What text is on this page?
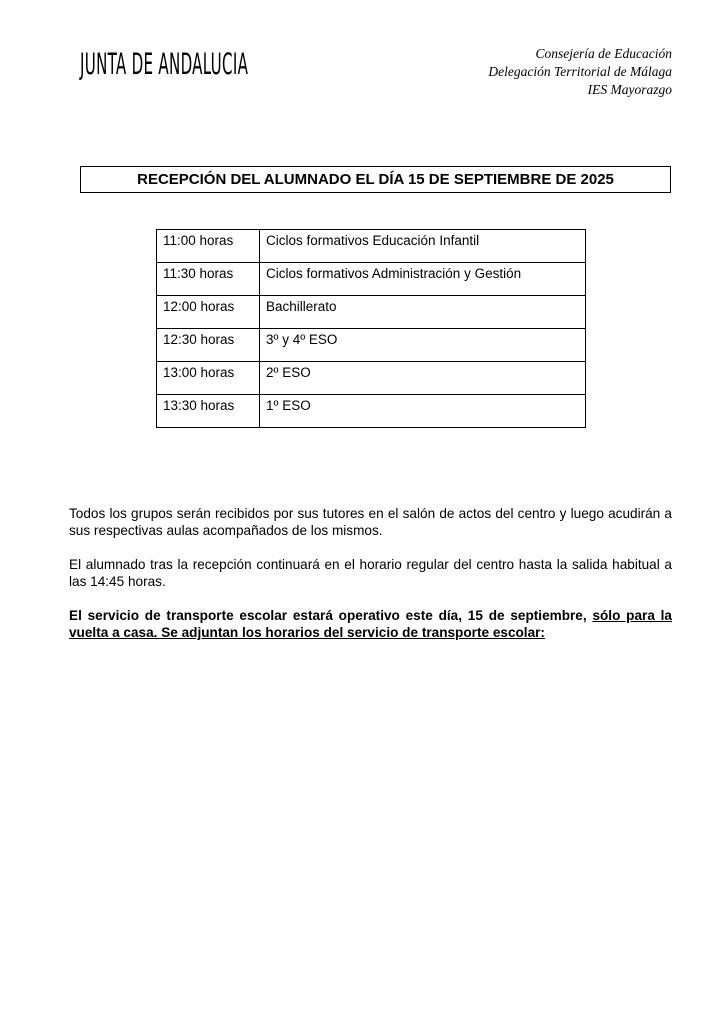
JUNTA DE ANDALUCIA	Consejería de Educación
Delegación Territorial de Málaga
IES Mayorazgo
RECEPCIÓN DEL ALUMNADO EL DÍA 15 DE SEPTIEMBRE DE 2025
11:00 horas	Ciclos formativos Educación Infantil
11:30 horas	Ciclos formativos Administración y Gestión
12:00 horas	Bachillerato
12:30 horas	3º y 4º ESO
13:00 horas	2º ESO
13:30 horas	1º ESO
Todos los grupos serán recibidos por sus tutores en el salón de actos del centro y luego acudirán a sus respectivas aulas acompañados de los mismos.
El alumnado tras la recepción continuará en el horario regular del centro hasta la salida habitual a las 14:45 horas.
El servicio de transporte escolar estará operativo este día, 15 de septiembre, sólo para la vuelta a casa. Se adjuntan los horarios del servicio de transporte escolar:
